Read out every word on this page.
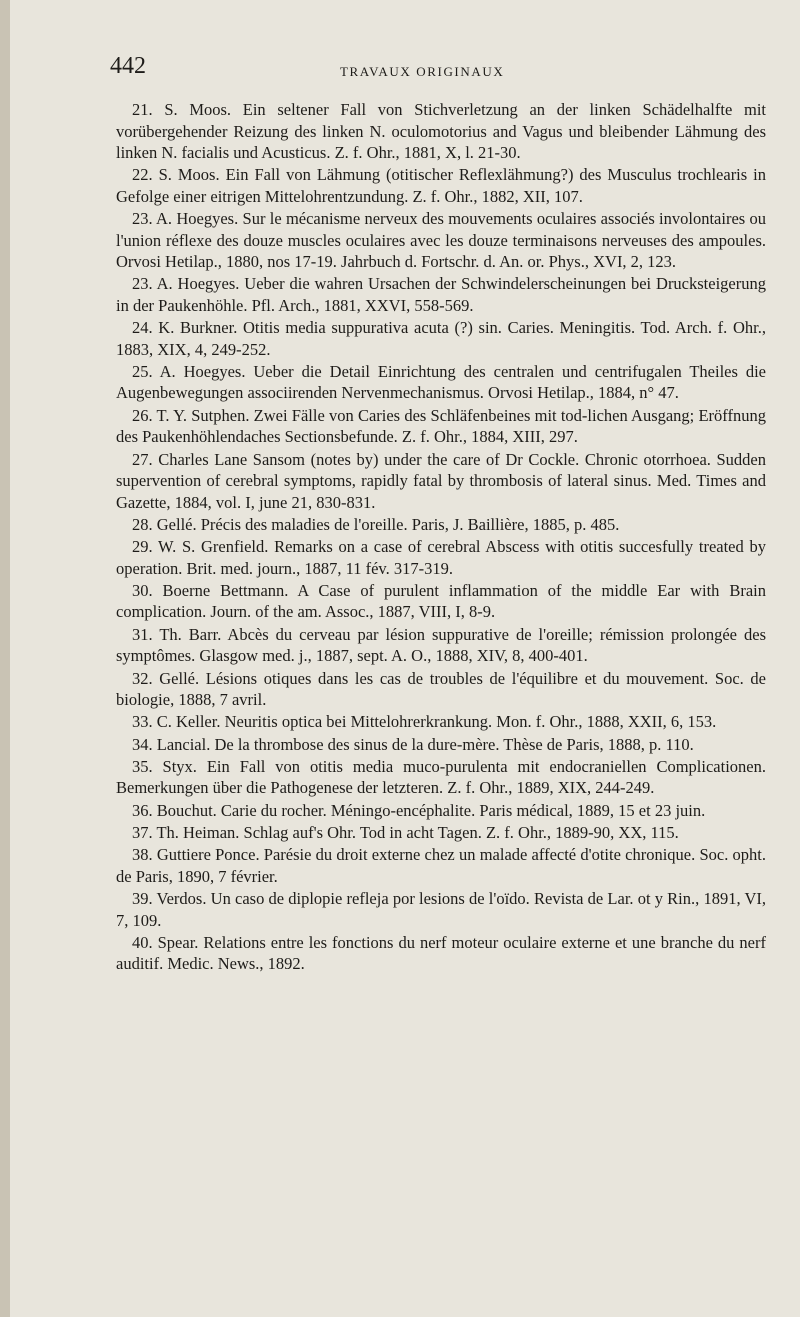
442	TRAVAUX ORIGINAUX

21. S. Moos. Ein seltener Fall von Stichverletzung an der linken Schädelhalfte mit vorübergehender Reizung des linken N. oculomotorius and Vagus und bleibender Lähmung des linken N. facialis und Acusticus. Z. f. Ohr., 1881, X, l. 21-30.

22. S. Moos. Ein Fall von Lähmung (otitischer Reflexlähmung?) des Musculus trochlearis in Gefolge einer eitrigen Mittelohrentzundung. Z. f. Ohr., 1882, XII, 107.

23. A. Hoegyes. Sur le mécanisme nerveux des mouvements oculaires associés involontaires ou l'union réflexe des douze muscles oculaires avec les douze terminaisons nerveuses des ampoules. Orvosi Hetilap., 1880, nos 17-19. Jahrbuch d. Fortschr. d. An. or. Phys., XVI, 2, 123.

23. A. Hoegyes. Ueber die wahren Ursachen der Schwindelerscheinungen bei Drucksteigerung in der Paukenhöhle. Pfl. Arch., 1881, XXVI, 558-569.

24. K. Burkner. Otitis media suppurativa acuta (?) sin. Caries. Meningitis. Tod. Arch. f. Ohr., 1883, XIX, 4, 249-252.

25. A. Hoegyes. Ueber die Detail Einrichtung des centralen und centrifugalen Theiles die Augenbewegungen associirenden Nervenmechanismus. Orvosi Hetilap., 1884, n° 47.

26. T. Y. Sutphen. Zwei Fälle von Caries des Schläfenbeines mit tod-lichen Ausgang; Eröffnung des Paukenhöhlendaches Sectionsbefunde. Z. f. Ohr., 1884, XIII, 297.

27. Charles Lane Sansom (notes by) under the care of Dr Cockle. Chronic otorrhoea. Sudden supervention of cerebral symptoms, rapidly fatal by thrombosis of lateral sinus. Med. Times and Gazette, 1884, vol. I, june 21, 830-831.

28. Gellé. Précis des maladies de l'oreille. Paris, J. Baillière, 1885, p. 485.

29. W. S. Grenfield. Remarks on a case of cerebral Abscess with otitis succesfully treated by operation. Brit. med. journ., 1887, 11 fév. 317-319.

30. Boerne Bettmann. A Case of purulent inflammation of the middle Ear with Brain complication. Journ. of the am. Assoc., 1887, VIII, I, 8-9.

31. Th. Barr. Abcès du cerveau par lésion suppurative de l'oreille; rémission prolongée des symptômes. Glasgow med. j., 1887, sept. A. O., 1888, XIV, 8, 400-401.

32. Gellé. Lésions otiques dans les cas de troubles de l'équilibre et du mouvement. Soc. de biologie, 1888, 7 avril.

33. C. Keller. Neuritis optica bei Mittelohrerkrankung. Mon. f. Ohr., 1888, XXII, 6, 153.

34. Lancial. De la thrombose des sinus de la dure-mère. Thèse de Paris, 1888, p. 110.

35. Styx. Ein Fall von otitis media muco-purulenta mit endocraniellen Complicationen. Bemerkungen über die Pathogenese der letzteren. Z. f. Ohr., 1889, XIX, 244-249.

36. Bouchut. Carie du rocher. Méningo-encéphalite. Paris médical, 1889, 15 et 23 juin.

37. Th. Heiman. Schlag auf's Ohr. Tod in acht Tagen. Z. f. Ohr., 1889-90, XX, 115.

38. Guttiere Ponce. Parésie du droit externe chez un malade affecté d'otite chronique. Soc. opht. de Paris, 1890, 7 février.

39. Verdos. Un caso de diplopie refleja por lesions de l'oïdo. Revista de Lar. ot y Rin., 1891, VI, 7, 109.

40. Spear. Relations entre les fonctions du nerf moteur oculaire externe et une branche du nerf auditif. Medic. News., 1892.
